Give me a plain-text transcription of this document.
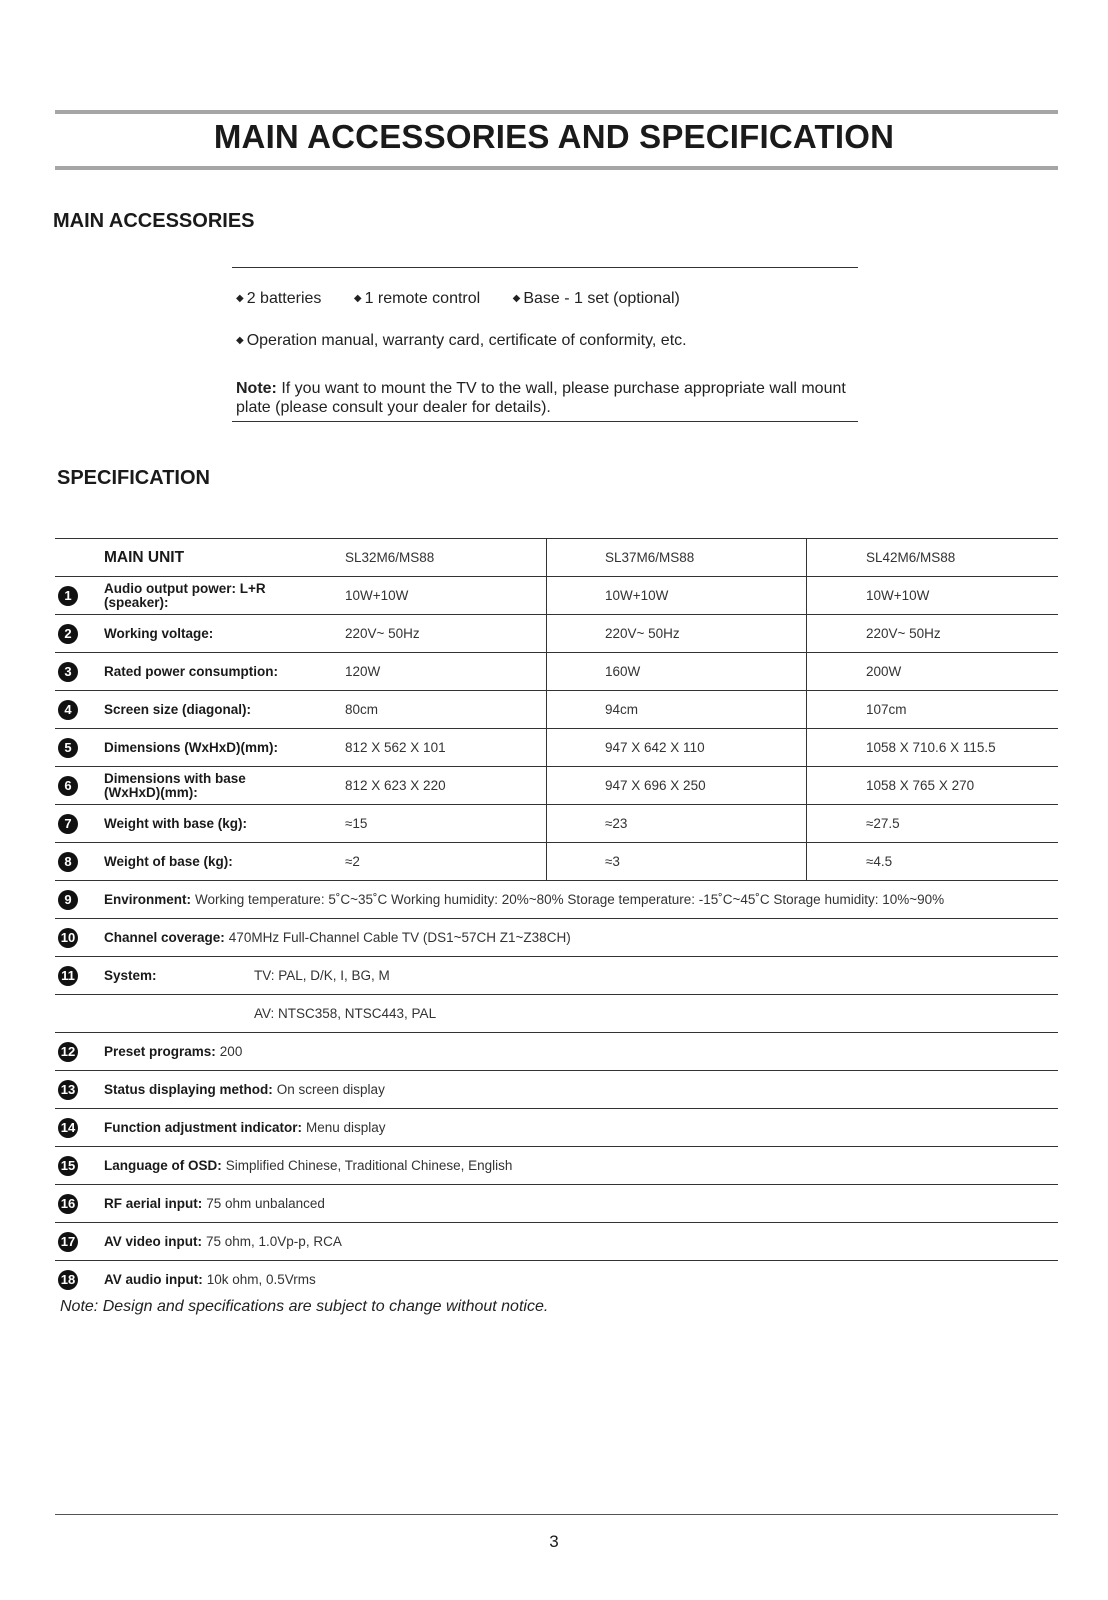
MAIN ACCESSORIES AND SPECIFICATION
MAIN ACCESSORIES
◆ 2 batteries	◆ 1 remote control	◆ Base - 1 set (optional)
◆ Operation manual, warranty card, certificate of conformity, etc.
Note: If you want to mount the TV to the wall, please purchase appropriate wall mount plate (please consult your dealer for details).
SPECIFICATION
MAIN UNIT	SL32M6/MS88	SL37M6/MS88	SL42M6/MS88
1	Audio output power: L+R (speaker):	10W+10W	10W+10W	10W+10W
2	Working voltage:	220V~ 50Hz	220V~ 50Hz	220V~ 50Hz
3	Rated power consumption:	120W	160W	200W
4	Screen size (diagonal):	80cm	94cm	107cm
5	Dimensions (WxHxD)(mm):	812 X 562 X 101	947 X 642 X 110	1058 X 710.6 X 115.5
6	Dimensions with base (WxHxD)(mm):	812 X 623 X 220	947 X 696 X 250	1058 X 765 X 270
7	Weight with base (kg):	≈15	≈23	≈27.5
8	Weight of base (kg):	≈2	≈3	≈4.5
9	Environment: Working temperature: 5˚C~35˚C Working humidity: 20%~80% Storage temperature: -15˚C~45˚C Storage humidity: 10%~90%
10 Channel coverage: 470MHz Full-Channel Cable TV (DS1~57CH Z1~Z38CH)
11 System:	TV: PAL, D/K, I, BG, M
AV: NTSC358, NTSC443, PAL
12 Preset programs: 200
13 Status displaying method: On screen display
14 Function adjustment indicator: Menu display
15 Language of OSD: Simplified Chinese, Traditional Chinese, English
16 RF aerial input: 75 ohm unbalanced
17 AV video input: 75 ohm, 1.0Vp-p, RCA
18 AV audio input: 10k ohm, 0.5Vrms
Note: Design and specifications are subject to change without notice.
3
